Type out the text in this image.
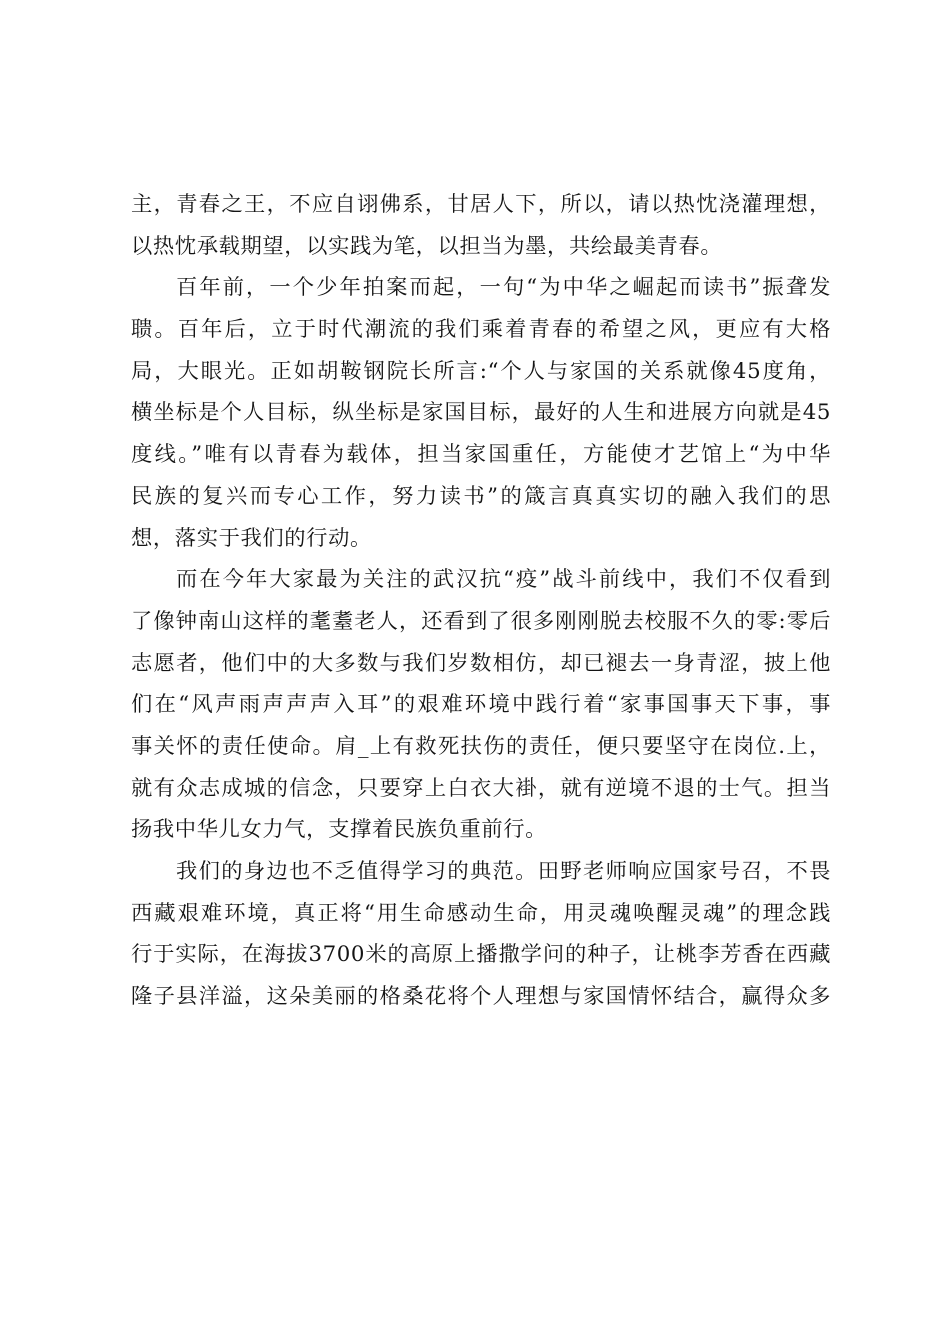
主，青春之王，不应自诩佛系，甘居人下，所以，请以热忱浇灌理想，
以热忱承载期望，以实践为笔，以担当为墨，共绘最美青春。
百年前，一个少年拍案而起，一句“为中华之崛起而读书”振聋发
聩。百年后，立于时代潮流的我们乘着青春的希望之风，更应有大格
局，大眼光。正如胡鞍钢院长所言:“个人与家国的关系就像45度角，
横坐标是个人目标，纵坐标是家国目标，最好的人生和进展方向就是45
度线。”唯有以青春为载体，担当家国重任，方能使才艺馆上“为中华
民族的复兴而专心工作，努力读书”的箴言真真实切的融入我们的思
想，落实于我们的行动。
而在今年大家最为关注的武汉抗“疫”战斗前线中，我们不仅看到
了像钟南山这样的耄耋老人，还看到了很多刚刚脱去校服不久的零:零后
志愿者，他们中的大多数与我们岁数相仿，却已褪去一身青涩，披上他
们在“风声雨声声声入耳”的艰难环境中践行着“家事国事天下事，事
事关怀的责任使命。肩_上有救死扶伤的责任，便只要坚守在岗位.上，
就有众志成城的信念，只要穿上白衣大褂，就有逆境不退的士气。担当
扬我中华儿女力气，支撑着民族负重前行。
我们的身边也不乏值得学习的典范。田野老师响应国家号召，不畏
西藏艰难环境，真正将“用生命感动生命，用灵魂唤醒灵魂”的理念践
行于实际，在海拔3700米的高原上播撒学问的种子，让桃李芳香在西藏
隆子县洋溢，这朵美丽的格桑花将个人理想与家国情怀结合，赢得众多
